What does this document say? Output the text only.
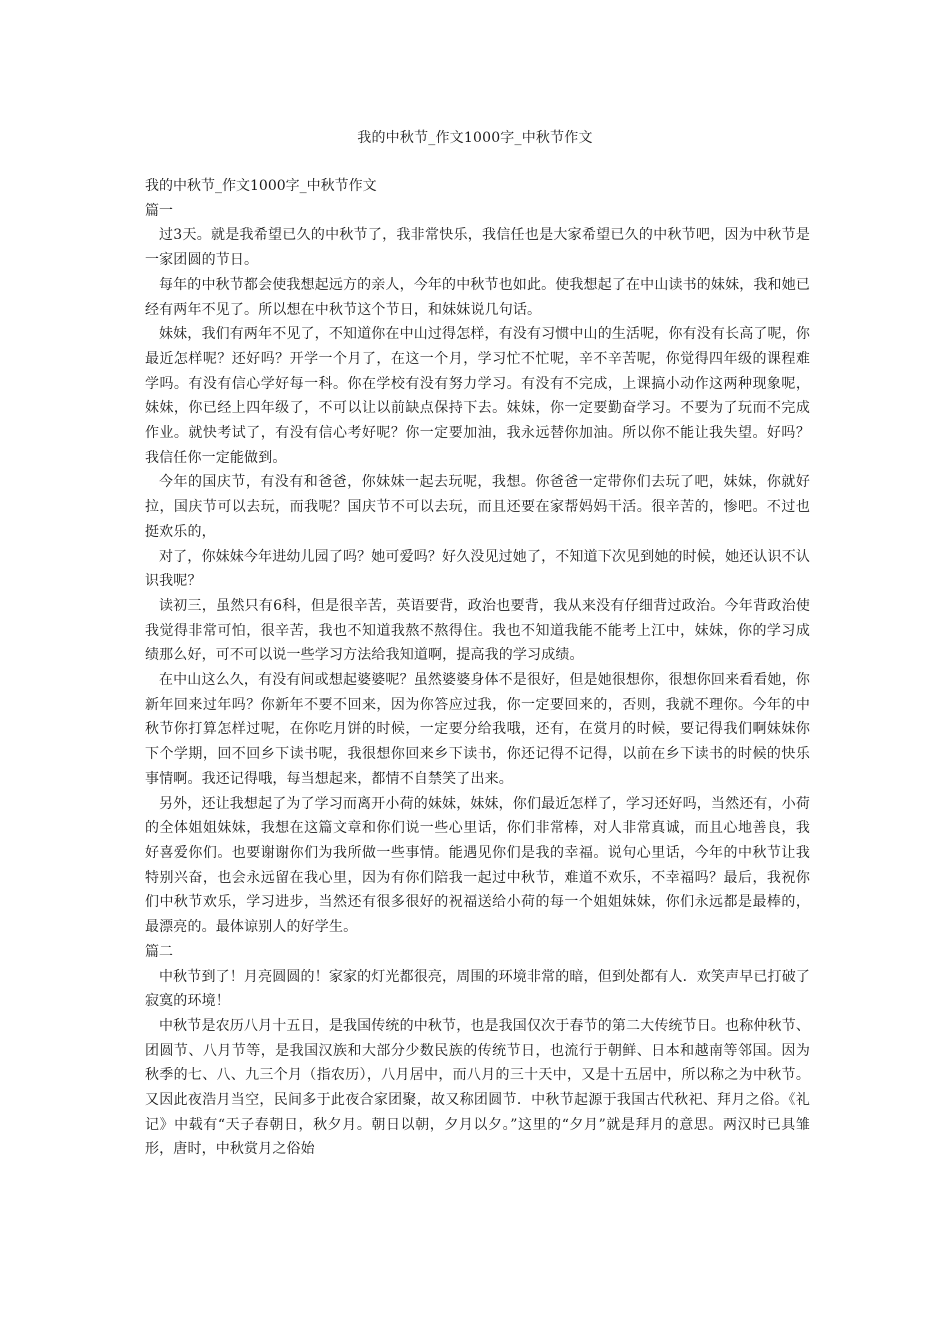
我的中秋节_作文1000字_中秋节作文

我的中秋节_作文1000字_中秋节作文

篇一

过3天。就是我希望已久的中秋节了，我非常快乐，我信任也是大家希望已久的中秋节吧，因为中秋节是一家团圆的节日。

每年的中秋节都会使我想起远方的亲人，今年的中秋节也如此。使我想起了在中山读书的妹妹，我和她已经有两年不见了。所以想在中秋节这个节日，和妹妹说几句话。

妹妹，我们有两年不见了，不知道你在中山过得怎样，有没有习惯中山的生活呢，你有没有长高了呢，你最近怎样呢？还好吗？开学一个月了，在这一个月，学习忙不忙呢，辛不辛苦呢，你觉得四年级的课程难学吗。有没有信心学好每一科。你在学校有没有努力学习。有没有不完成，上课搞小动作这两种现象呢，妹妹，你已经上四年级了，不可以让以前缺点保持下去。妹妹，你一定要勤奋学习。不要为了玩而不完成作业。就快考试了，有没有信心考好呢？你一定要加油，我永远替你加油。所以你不能让我失望。好吗？我信任你一定能做到。

今年的国庆节，有没有和爸爸，你妹妹一起去玩呢，我想。你爸爸一定带你们去玩了吧，妹妹，你就好拉，国庆节可以去玩，而我呢？国庆节不可以去玩，而且还要在家帮妈妈干活。很辛苦的，惨吧。不过也挺欢乐的，

对了，你妹妹今年进幼儿园了吗？她可爱吗？好久没见过她了，不知道下次见到她的时候，她还认识不认识我呢？

读初三，虽然只有6科，但是很辛苦，英语要背，政治也要背，我从来没有仔细背过政治。今年背政治使我觉得非常可怕，很辛苦，我也不知道我熬不熬得住。我也不知道我能不能考上江中，妹妹，你的学习成绩那么好，可不可以说一些学习方法给我知道啊，提高我的学习成绩。

在中山这么久，有没有间或想起婆婆呢？虽然婆婆身体不是很好，但是她很想你，很想你回来看看她，你新年回来过年吗？你新年不要不回来，因为你答应过我，你一定要回来的，否则，我就不理你。今年的中秋节你打算怎样过呢，在你吃月饼的时候，一定要分给我哦，还有，在赏月的时候，要记得我们啊妹妹你下个学期，回不回乡下读书呢，我很想你回来乡下读书，你还记得不记得，以前在乡下读书的时候的快乐事情啊。我还记得哦，每当想起来，都情不自禁笑了出来。

另外，还让我想起了为了学习而离开小荷的妹妹，妹妹，你们最近怎样了，学习还好吗，当然还有，小荷的全体姐姐妹妹，我想在这篇文章和你们说一些心里话，你们非常棒，对人非常真诚，而且心地善良，我好喜爱你们。也要谢谢你们为我所做一些事情。能遇见你们是我的幸福。说句心里话，今年的中秋节让我特别兴奋，也会永远留在我心里，因为有你们陪我一起过中秋节，难道不欢乐，不幸福吗？最后，我祝你们中秋节欢乐，学习进步，当然还有很多很好的祝福送给小荷的每一个姐姐妹妹，你们永远都是最棒的，最漂亮的。最体谅别人的好学生。

篇二

中秋节到了！月亮圆圆的！家家的灯光都很亮，周围的环境非常的暗，但到处都有人．欢笑声早已打破了寂寞的环境！

中秋节是农历八月十五日，是我国传统的中秋节，也是我国仅次于春节的第二大传统节日。也称仲秋节、团圆节、八月节等，是我国汉族和大部分少数民族的传统节日，也流行于朝鲜、日本和越南等邻国。因为秋季的七、八、九三个月（指农历），八月居中，而八月的三十天中，又是十五居中，所以称之为中秋节。又因此夜浩月当空，民间多于此夜合家团聚，故又称团圆节．中秋节起源于我国古代秋祀、拜月之俗。《礼记》中载有“天子春朝日，秋夕月。朝日以朝，夕月以夕。”这里的“夕月”就是拜月的意思。两汉时已具雏形，唐时，中秋赏月之俗始
